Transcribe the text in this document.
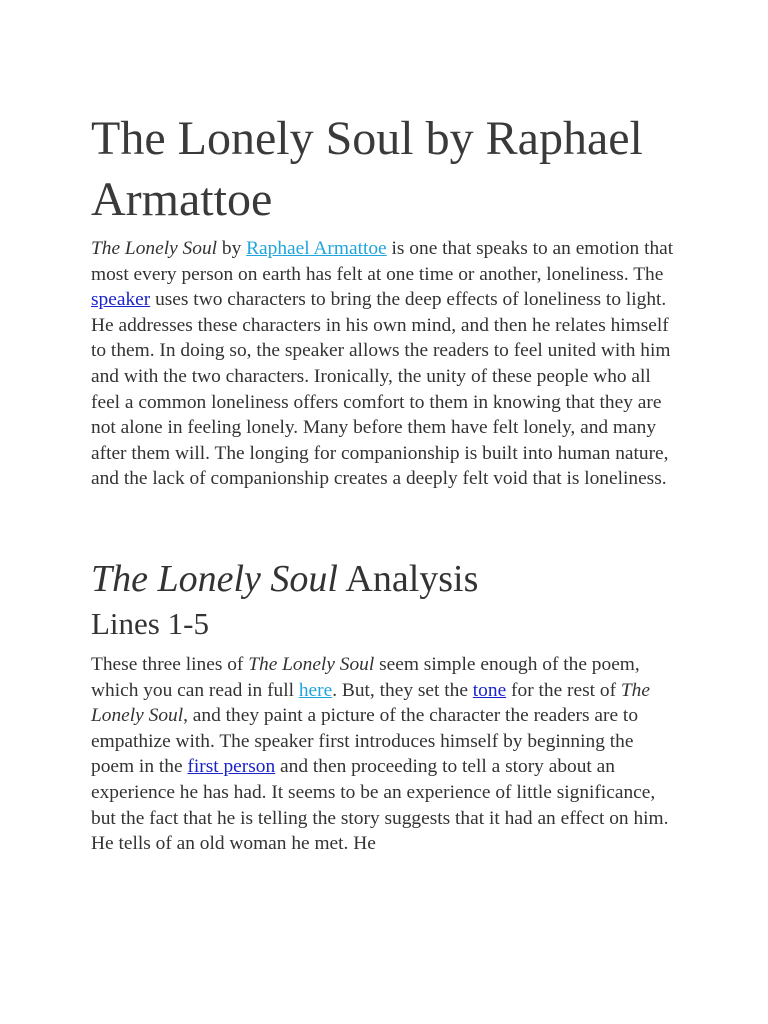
The Lonely Soul by Raphael Armattoe

The Lonely Soul by Raphael Armattoe is one that speaks to an emotion that most every person on earth has felt at one time or another, loneliness. The speaker uses two characters to bring the deep effects of loneliness to light. He addresses these characters in his own mind, and then he relates himself to them. In doing so, the speaker allows the readers to feel united with him and with the two characters. Ironically, the unity of these people who all feel a common loneliness offers comfort to them in knowing that they are not alone in feeling lonely. Many before them have felt lonely, and many after them will. The longing for companionship is built into human nature, and the lack of companionship creates a deeply felt void that is loneliness.

The Lonely Soul Analysis
Lines 1-5

These three lines of The Lonely Soul seem simple enough of the poem, which you can read in full here. But, they set the tone for the rest of The Lonely Soul, and they paint a picture of the character the readers are to empathize with. The speaker first introduces himself by beginning the poem in the first person and then proceeding to tell a story about an experience he has had. It seems to be an experience of little significance, but the fact that he is telling the story suggests that it had an effect on him. He tells of an old woman he met. He
